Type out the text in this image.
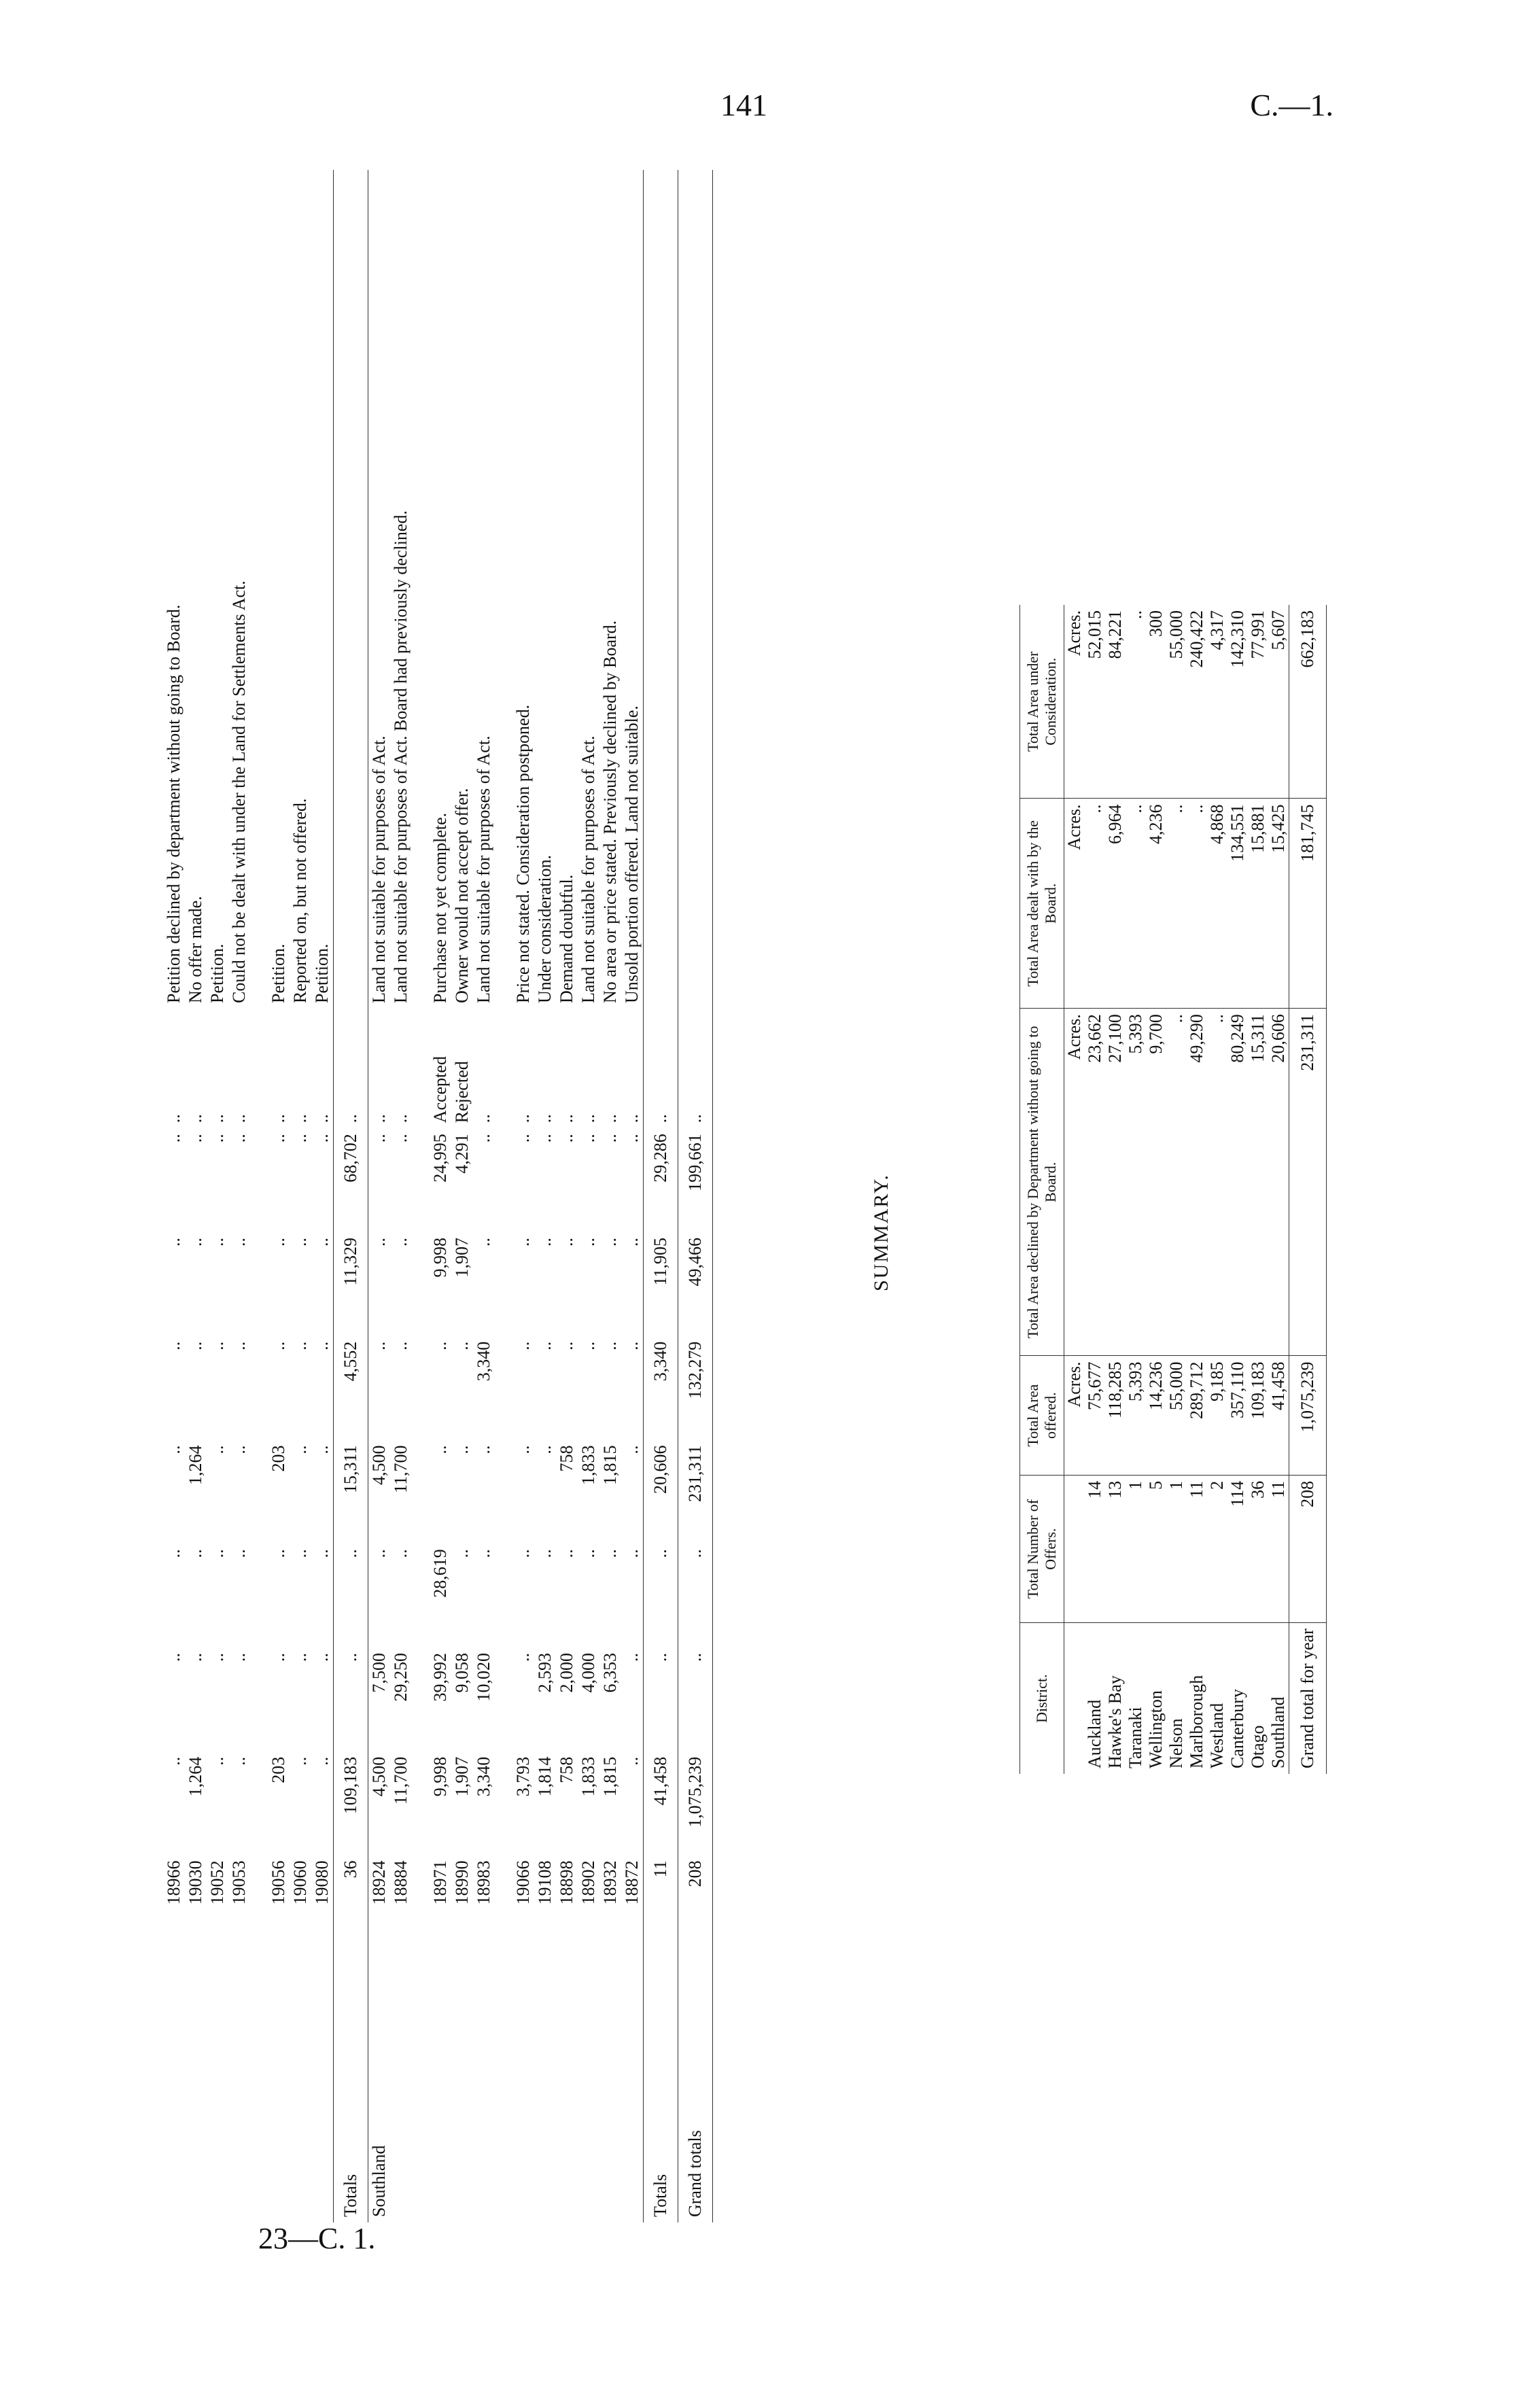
141	C.—1.
23—C. 1.
	18966	..	..	..	..	..	..	..	..	Petition declined by department without going to Board.
	19030	1,264	..	..	1,264	..	..	..	..	No offer made.
	19052	..	..	..	..	..	..	..	..	Petition.
	19053	..	..	..	..	..	..	..	..	Could not be dealt with under the Land for Settlements Act.

	19056	203	..	..	203	..	..	..	..	Petition.
	19060	..	..	..	..	..	..	..	..	Reported on, but not offered.
	19080	..	..	..	..	..	..	..	..	Petition.
Totals	36	109,183	..	..	15,311	4,552	11,329	68,702	..	
Southland	18924	4,500	7,500	..	4,500	..	..	..	..	Land not suitable for purposes of Act.
	18884	11,700	29,250	..	11,700	..	..	..	..	Land not suitable for purposes of Act. Board had previously declined.

	18971	9,998	39,992	28,619	..	..	9,998	24,995	Accepted	Purchase not yet complete.
	18990	1,907	9,058	..	..	..	1,907	4,291	Rejected	Owner would not accept offer.
	18983	3,340	10,020	..	..	3,340	..	..	..	Land not suitable for purposes of Act.

	19066	3,793	..	..	..	..	..	..	..	Price not stated. Consideration postponed.
	19108	1,814	2,593	..	..	..	..	..	..	Under consideration.
	18898	758	2,000	..	758	..	..	..	..	Demand doubtful.
	18902	1,833	4,000	..	1,833	..	..	..	..	Land not suitable for purposes of Act.
	18932	1,815	6,353	..	1,815	..	..	..	..	No area or price stated. Previously declined by Board.
	18872	..	..	..	..	..	..	..	..	Unsold portion offered. Land not suitable.
Totals	11	41,458	..	..	20,606	3,340	11,905	29,286	..	
Grand totals	208	1,075,239	..	..	231,311	132,279	49,466	199,661	..	
SUMMARY.
District.	Total Number of Offers.	Total Area offered.	Total Area declined by Department without going to Board.	Total Area dealt with by the Board.	Total Area under Consideration.
		Acres.	Acres.	Acres.	Acres.
Auckland	14	75,677	23,662	..	52,015
Hawke's Bay	13	118,285	27,100	6,964	84,221
Taranaki	1	5,393	5,393	..	..
Wellington	5	14,236	9,700	4,236	300
Nelson	1	55,000	..	..	55,000
Marlborough	11	289,712	49,290	..	240,422
Westland	2	9,185	..	4,868	4,317
Canterbury	114	357,110	80,249	134,551	142,310
Otago	36	109,183	15,311	15,881	77,991
Southland	11	41,458	20,606	15,425	5,607
Grand total for year	208	1,075,239	231,311	181,745	662,183
